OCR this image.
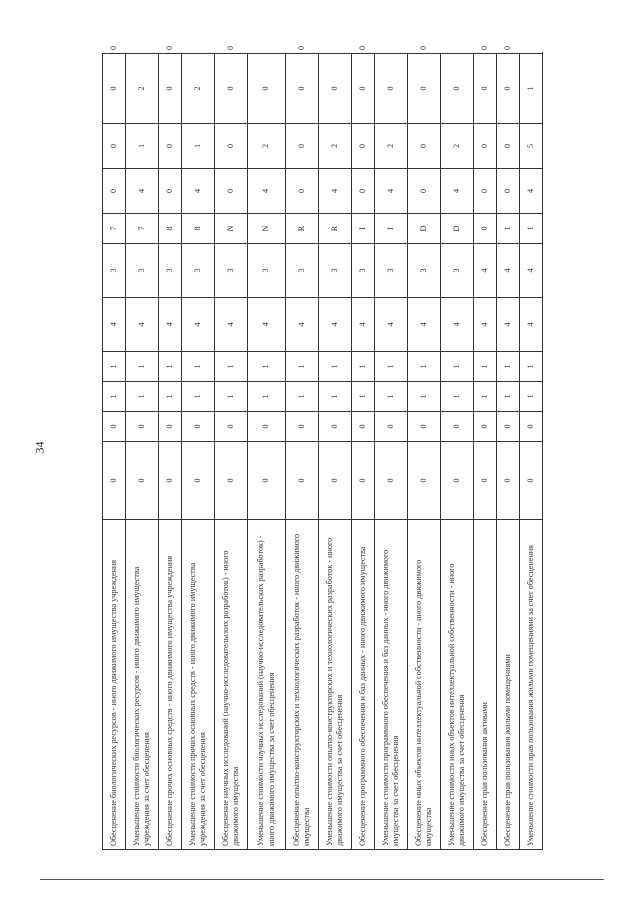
34
Обесценение биологических ресурсов - иного движимого имущества учреждения	0	0	1	1	4	3	7	0	0	0	0
Уменьшение стоимости биологических ресурсов - иного движимого имущества учреждения за счет обесценения	0	0	1	1	4	3	7	4	1	2	
Обесценение прочих основных средств - иного движимого имущества учреждения	0	0	1	1	4	3	8	0	0	0	0
Уменьшение стоимости прочих основных средств - иного движимого имущества учреждения за счет обесценения	0	0	1	1	4	3	8	4	1	2	
Обесценение научных исследований (научно-исследовательских разработок) - иного движимого имущества	0	0	1	1	4	3	N	0	0	0	0
Уменьшение стоимости научных исследований (научно-исследовательских разработок) - иного движимого имущества за счет обесценения	0	0	1	1	4	3	N	4	2	0	
Обесценение опытно-конструкторских и технологических разработок - иного движимого имущества	0	0	1	1	4	3	R	0	0	0	0
Уменьшение стоимости опытно-конструкторских и технологических разработок - иного движимого имущества за счет обесценения	0	0	1	1	4	3	R	4	2	0	
Обесценение программного обеспечения и баз данных - иного движимого имущества	0	0	1	1	4	3	I	0	0	0	0
Уменьшение стоимости программного обеспечения и баз данных - иного движимого имущества за счет обесценения	0	0	1	1	4	3	I	4	2	0	
Обесценение иных объектов интеллектуальной собственности - иного движимого имущества	0	0	1	1	4	3	D	0	0	0	0
Уменьшение стоимости иных объектов интеллектуальной собственности - иного движимого имущества за счет обесценения	0	0	1	1	4	3	D	4	2	0	
Обесценение прав пользования активами	0	0	1	1	4	4	0	0	0	0	0
Обесценение прав пользования жилыми помещениями	0	0	1	1	4	4	1	0	0	0	0
Уменьшение стоимости прав пользования жилыми помещениями за счет обесценения	0	0	1	1	4	4	1	4	5	1	
